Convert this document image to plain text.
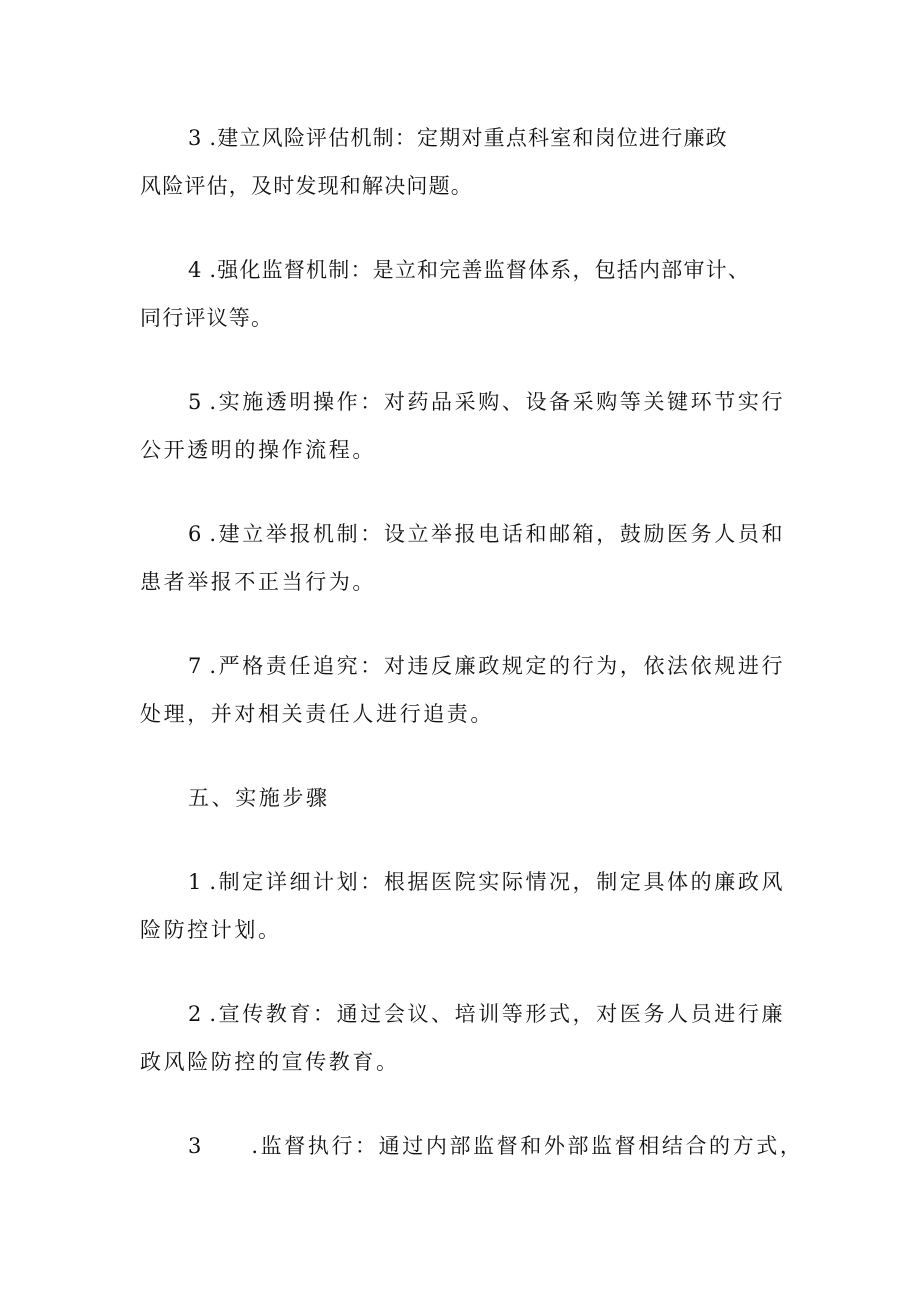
3 .建立风险评估机制：定期对重点科室和岗位进行廉政
风险评估，及时发现和解决问题。
4 .强化监督机制：是立和完善监督体系，包括内部审计、
同行评议等。
5 .实施透明操作：对药品采购、设备采购等关键环节实行
公开透明的操作流程。
6 .建立举报机制：设立举报电话和邮箱，鼓励医务人员和
患者举报不正当行为。
7 .严格责任追究：对违反廉政规定的行为，依法依规进行
处理，并对相关责任人进行追责。
五、实施步骤
1 .制定详细计划：根据医院实际情况，制定具体的廉政风
险防控计划。
2 .宣传教育：通过会议、培训等形式，对医务人员进行廉
政风险防控的宣传教育。
3 .监督执行：通过内部监督和外部监督相结合的方式，
